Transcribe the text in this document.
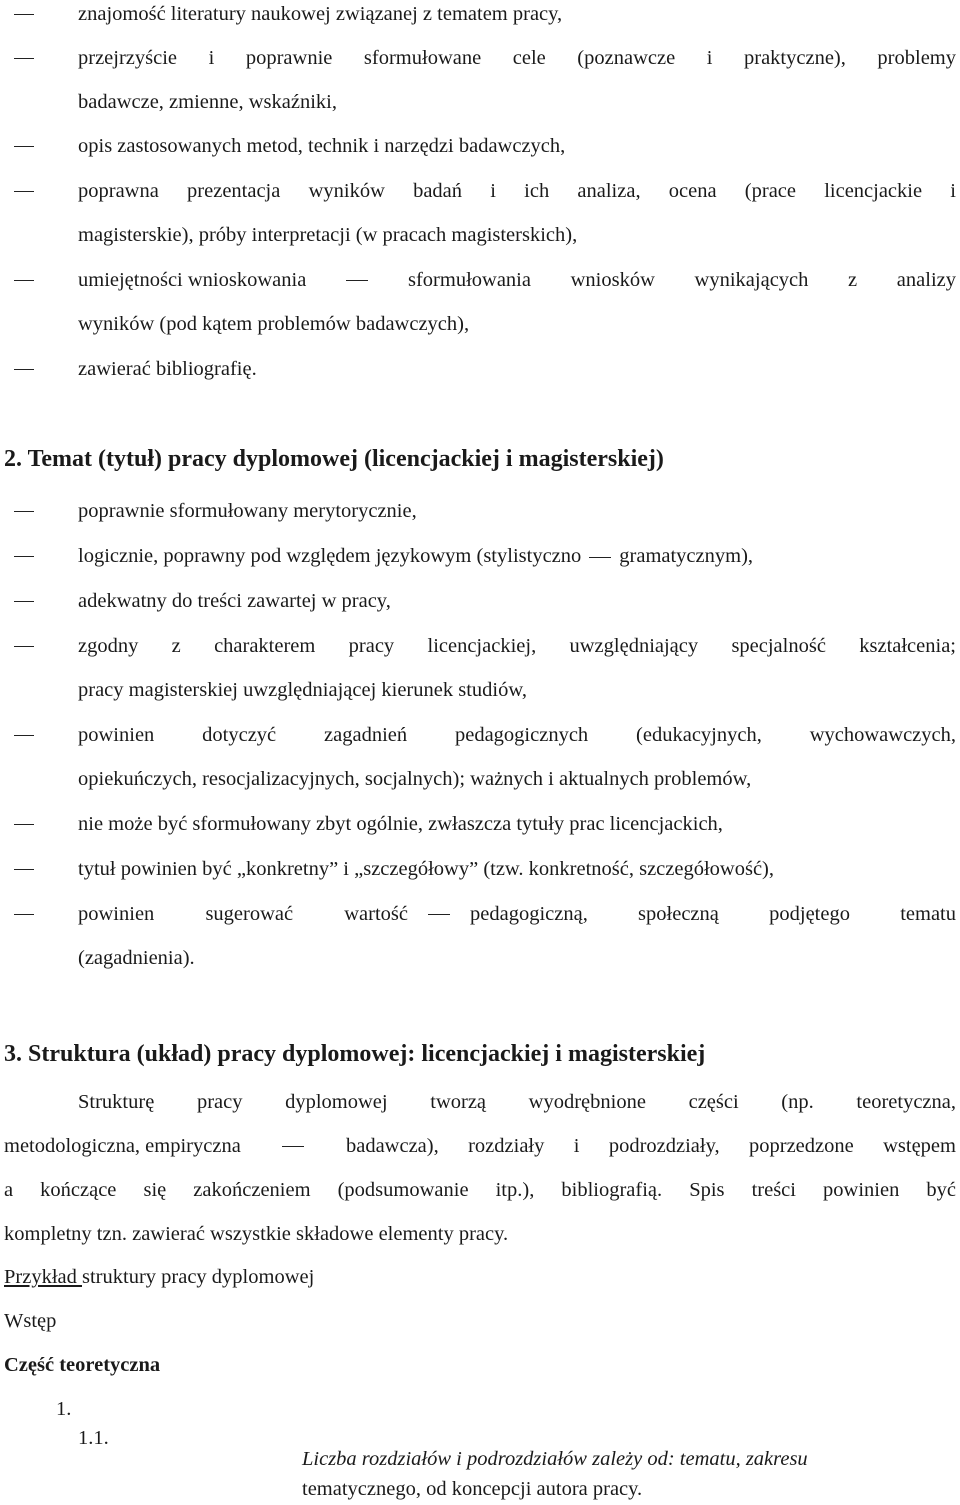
znajomość literatury naukowej związanej z tematem pracy,
przejrzyście i poprawnie sformułowane cele (poznawcze i praktyczne), problemy
badawcze, zmienne, wskaźniki,
opis zastosowanych metod, technik i narzędzi badawczych,
poprawna prezentacja wyników badań i ich analiza, ocena (prace licencjackie i
magisterskie), próby interpretacji (w pracach magisterskich),
umiejętności wnioskowania	sformułowania wniosków wynikających z analizy
wyników (pod kątem problemów badawczych),
zawierać bibliografię.
2. Temat (tytuł) pracy dyplomowej (licencjackiej i magisterskiej)
poprawnie sformułowany merytorycznie,
logicznie, poprawny pod względem językowym (stylistyczno gramatycznym),
adekwatny do treści zawartej w pracy,
zgodny z charakterem pracy licencjackiej, uwzględniający specjalność kształcenia;
pracy magisterskiej uwzględniającej kierunek studiów,
powinien dotyczyć zagadnień pedagogicznych (edukacyjnych, wychowawczych,
opiekuńczych, resocjalizacyjnych, socjalnych); ważnych i aktualnych problemów,
nie może być sformułowany zbyt ogólnie, zwłaszcza tytuły prac licencjackich,
tytuł powinien być „konkretny” i „szczegółowy” (tzw. konkretność, szczegółowość),
powinien sugerować wartość	pedagogiczną, społeczną podjętego tematu
(zagadnienia).
3. Struktura (układ) pracy dyplomowej: licencjackiej i magisterskiej
Strukturę pracy dyplomowej tworzą wyodrębnione części (np. teoretyczna,
metodologiczna, empiryczna	badawcza), rozdziały i podrozdziały, poprzedzone wstępem
a kończące się zakończeniem (podsumowanie itp.), bibliografią. Spis treści powinien być
kompletny tzn. zawierać wszystkie składowe elementy pracy.
Przykład struktury pracy dyplomowej
Wstęp
Część teoretyczna
1.
1.1.
Liczba rozdziałów i podrozdziałów zależy od: tematu, zakresu
tematycznego, od koncepcji autora pracy.
